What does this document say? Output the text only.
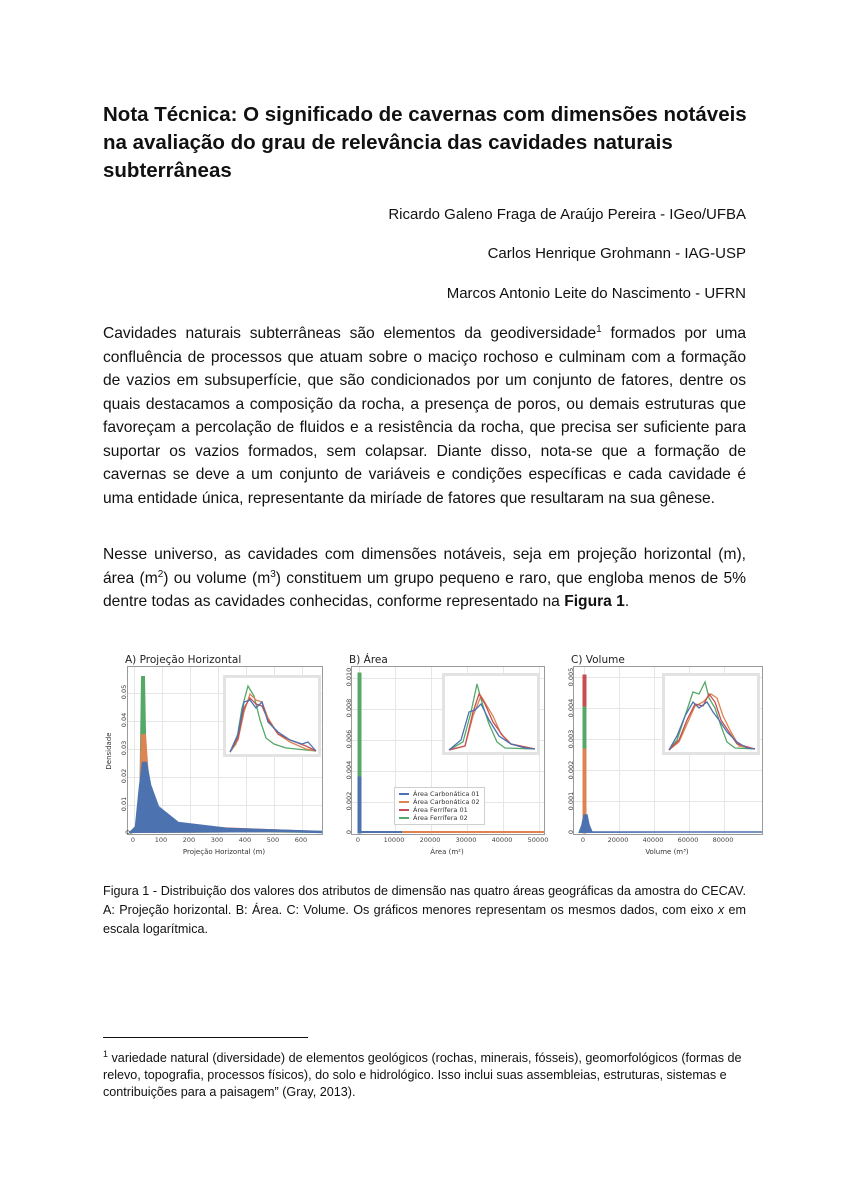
Nota Técnica: O significado de cavernas com dimensões notáveis na avaliação do grau de relevância das cavidades naturais subterrâneas
Ricardo Galeno Fraga de Araújo Pereira - IGeo/UFBA
Carlos Henrique Grohmann - IAG-USP
Marcos Antonio Leite do Nascimento - UFRN
Cavidades naturais subterrâneas são elementos da geodiversidade$^1$ formados por uma confluência de processos que atuam sobre o maciço rochoso e culminam com a formação de vazios em subsuperfície, que são condicionados por um conjunto de fatores, dentre os quais destacamos a composição da rocha, a presença de poros, ou demais estruturas que favoreçam a percolação de fluidos e a resistência da rocha, que precisa ser suficiente para suportar os vazios formados, sem colapsar. Diante disso, nota-se que a formação de cavernas se deve a um conjunto de variáveis e condições específicas e cada cavidade é uma entidade única, representante da miríade de fatores que resultaram na sua gênese.
Nesse universo, as cavidades com dimensões notáveis, seja em projeção horizontal (m), área $(m^2)$ ou volume $(m^3)$ constituem um grupo pequeno e raro, que engloba menos de 5% dentre todas as cavidades conhecidas, conforme representado na Figura 1.
A) Projeção Horizontal
0
0.01
0.02
0.03
0.04
0.05
Densidade
0	100	200	300	400	500	600
Projeção Horizontal (m)
B) Área
Área Carbonática 01
Área Carbonática 02
Área Ferrífera 01
Área Ferrífera 02
0
0.002
0.004
0.006
0.008
0.010
0	10000	20000	30000	40000	50000
Área (m²)
C) Volume
0
0.001
0.002
0.003
0.004
0.005
0	20000	40000	60000	80000
Volume (m³)
Figura 1 - Distribuição dos valores dos atributos de dimensão nas quatro áreas geográficas da amostra do CECAV. A: Projeção horizontal. B: Área. C: Volume. Os gráficos menores representam os mesmos dados, com eixo x em escala logarítmica.
$^1$ variedade natural (diversidade) de elementos geológicos (rochas, minerais, fósseis), geomorfológicos (formas de relevo, topografia, processos físicos), do solo e hidrológico. Isso inclui suas assembleias, estruturas, sistemas e contribuições para a paisagem” (Gray, 2013).
